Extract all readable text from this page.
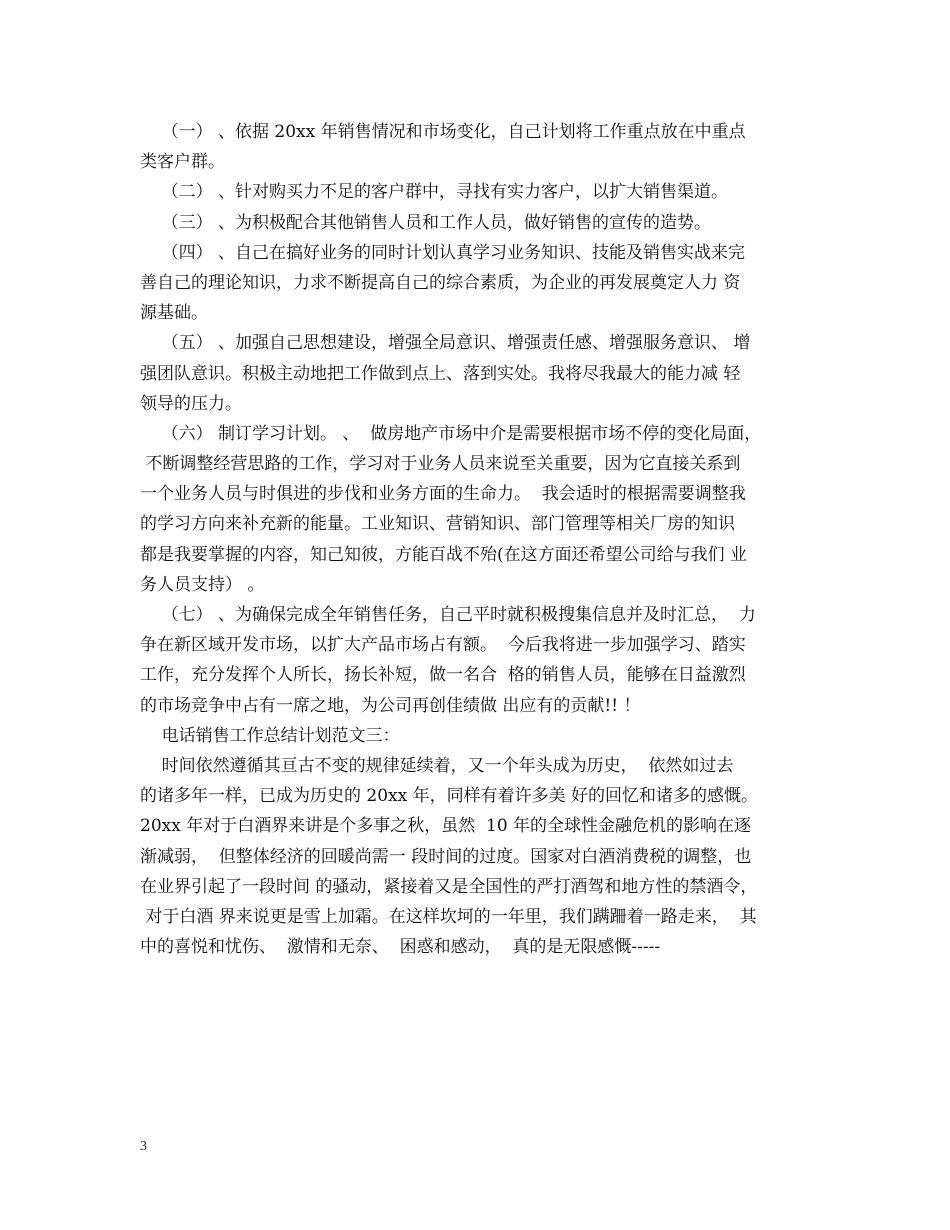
（一） 、依据 20xx 年销售情况和市场变化，自己计划将工作重点放在中重点
类客户群。
（二） 、针对购买力不足的客户群中，寻找有实力客户，以扩大销售渠道。
（三） 、为积极配合其他销售人员和工作人员，做好销售的宣传的造势。
（四） 、自己在搞好业务的同时计划认真学习业务知识、技能及销售实战来完
善自己的理论知识，力求不断提高自己的综合素质，为企业的再发展奠定人力 资
源基础。
（五） 、加强自己思想建设，增强全局意识、增强责任感、增强服务意识、 增
强团队意识。积极主动地把工作做到点上、落到实处。我将尽我最大的能力减 轻
领导的压力。
（六） 制订学习计划。 、  做房地产市场中介是需要根据市场不停的变化局面，
不断调整经营思路的工作，学习对于业务人员来说至关重要，因为它直接关系到
一个业务人员与时俱进的步伐和业务方面的生命力。  我会适时的根据需要调整我
的学习方向来补充新的能量。工业知识、营销知识、部门管理等相关厂房的知识
都是我要掌握的内容，知己知彼，方能百战不殆(在这方面还希望公司给与我们 业
务人员支持） 。
（七） 、为确保完成全年销售任务，自己平时就积极搜集信息并及时汇总，  力
争在新区域开发市场，以扩大产品市场占有额。  今后我将进一步加强学习、踏实
工作，充分发挥个人所长，扬长补短，做一名合  格的销售人员，能够在日益激烈
的市场竞争中占有一席之地，为公司再创佳绩做 出应有的贡献!! ！
电话销售工作总结计划范文三：
时间依然遵循其亘古不变的规律延续着，又一个年头成为历史，  依然如过去
的诸多年一样，已成为历史的 20xx 年，同样有着许多美 好的回忆和诸多的感慨。
20xx 年对于白酒界来讲是个多事之秋，虽然  10 年的全球性金融危机的影响在逐
渐减弱，  但整体经济的回暖尚需一 段时间的过度。国家对白酒消费税的调整，也
在业界引起了一段时间 的骚动，紧接着又是全国性的严打酒驾和地方性的禁酒令，
对于白酒 界来说更是雪上加霜。在这样坎坷的一年里，我们蹒跚着一路走来，  其
中的喜悦和忧伤、  激情和无奈、  困惑和感动，  真的是无限感慨-----
3
